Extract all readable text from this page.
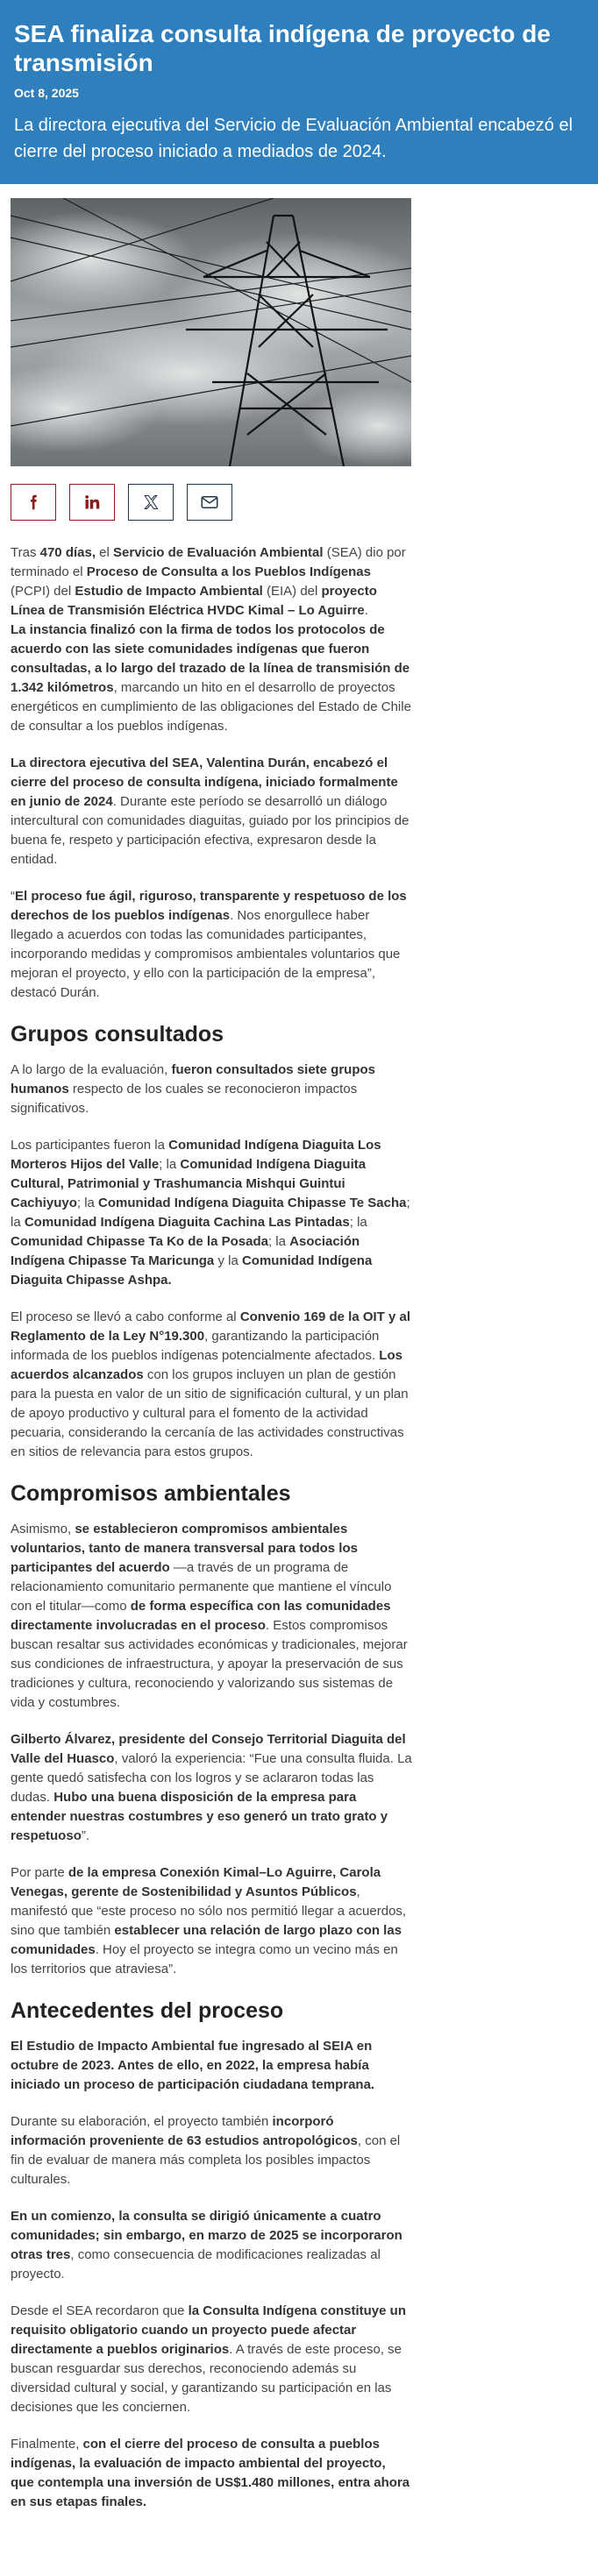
SEA finaliza consulta indígena de proyecto de transmisión
Oct 8, 2025
La directora ejecutiva del Servicio de Evaluación Ambiental encabezó el cierre del proceso iniciado a mediados de 2024.

Tras 470 días, el Servicio de Evaluación Ambiental (SEA) dio por terminado el Proceso de Consulta a los Pueblos Indígenas (PCPI) del Estudio de Impacto Ambiental (EIA) del proyecto Línea de Transmisión Eléctrica HVDC Kimal – Lo Aguirre.
La instancia finalizó con la firma de todos los protocolos de acuerdo con las siete comunidades indígenas que fueron consultadas, a lo largo del trazado de la línea de transmisión de 1.342 kilómetros, marcando un hito en el desarrollo de proyectos energéticos en cumplimiento de las obligaciones del Estado de Chile de consultar a los pueblos indígenas.

La directora ejecutiva del SEA, Valentina Durán, encabezó el cierre del proceso de consulta indígena, iniciado formalmente en junio de 2024. Durante este período se desarrolló un diálogo intercultural con comunidades diaguitas, guiado por los principios de buena fe, respeto y participación efectiva, expresaron desde la entidad.

“El proceso fue ágil, riguroso, transparente y respetuoso de los derechos de los pueblos indígenas. Nos enorgullece haber llegado a acuerdos con todas las comunidades participantes, incorporando medidas y compromisos ambientales voluntarios que mejoran el proyecto, y ello con la participación de la empresa”, destacó Durán.

Grupos consultados

A lo largo de la evaluación, fueron consultados siete grupos humanos respecto de los cuales se reconocieron impactos significativos.

Los participantes fueron la Comunidad Indígena Diaguita Los Morteros Hijos del Valle; la Comunidad Indígena Diaguita Cultural, Patrimonial y Trashumancia Mishqui Guintui Cachiyuyo; la Comunidad Indígena Diaguita Chipasse Te Sacha; la Comunidad Indígena Diaguita Cachina Las Pintadas; la Comunidad Chipasse Ta Ko de la Posada; la Asociación Indígena Chipasse Ta Maricunga y la Comunidad Indígena Diaguita Chipasse Ashpa.

El proceso se llevó a cabo conforme al Convenio 169 de la OIT y al Reglamento de la Ley N°19.300, garantizando la participación informada de los pueblos indígenas potencialmente afectados. Los acuerdos alcanzados con los grupos incluyen un plan de gestión para la puesta en valor de un sitio de significación cultural, y un plan de apoyo productivo y cultural para el fomento de la actividad pecuaria, considerando la cercanía de las actividades constructivas en sitios de relevancia para estos grupos.

Compromisos ambientales

Asimismo, se establecieron compromisos ambientales voluntarios, tanto de manera transversal para todos los participantes del acuerdo —a través de un programa de relacionamiento comunitario permanente que mantiene el vínculo con el titular—como de forma específica con las comunidades directamente involucradas en el proceso. Estos compromisos buscan resaltar sus actividades económicas y tradicionales, mejorar sus condiciones de infraestructura, y apoyar la preservación de sus tradiciones y cultura, reconociendo y valorizando sus sistemas de vida y costumbres.

Gilberto Álvarez, presidente del Consejo Territorial Diaguita del Valle del Huasco, valoró la experiencia: “Fue una consulta fluida. La gente quedó satisfecha con los logros y se aclararon todas las dudas. Hubo una buena disposición de la empresa para entender nuestras costumbres y eso generó un trato grato y respetuoso”.

Por parte de la empresa Conexión Kimal–Lo Aguirre, Carola Venegas, gerente de Sostenibilidad y Asuntos Públicos, manifestó que “este proceso no sólo nos permitió llegar a acuerdos, sino que también establecer una relación de largo plazo con las comunidades. Hoy el proyecto se integra como un vecino más en los territorios que atraviesa”.

Antecedentes del proceso

El Estudio de Impacto Ambiental fue ingresado al SEIA en octubre de 2023. Antes de ello, en 2022, la empresa había iniciado un proceso de participación ciudadana temprana.

Durante su elaboración, el proyecto también incorporó información proveniente de 63 estudios antropológicos, con el fin de evaluar de manera más completa los posibles impactos culturales.

En un comienzo, la consulta se dirigió únicamente a cuatro comunidades; sin embargo, en marzo de 2025 se incorporaron otras tres, como consecuencia de modificaciones realizadas al proyecto.

Desde el SEA recordaron que la Consulta Indígena constituye un requisito obligatorio cuando un proyecto puede afectar directamente a pueblos originarios. A través de este proceso, se buscan resguardar sus derechos, reconociendo además su diversidad cultural y social, y garantizando su participación en las decisiones que les conciernen.

Finalmente, con el cierre del proceso de consulta a pueblos indígenas, la evaluación de impacto ambiental del proyecto, que contempla una inversión de US$1.480 millones, entra ahora en sus etapas finales.
